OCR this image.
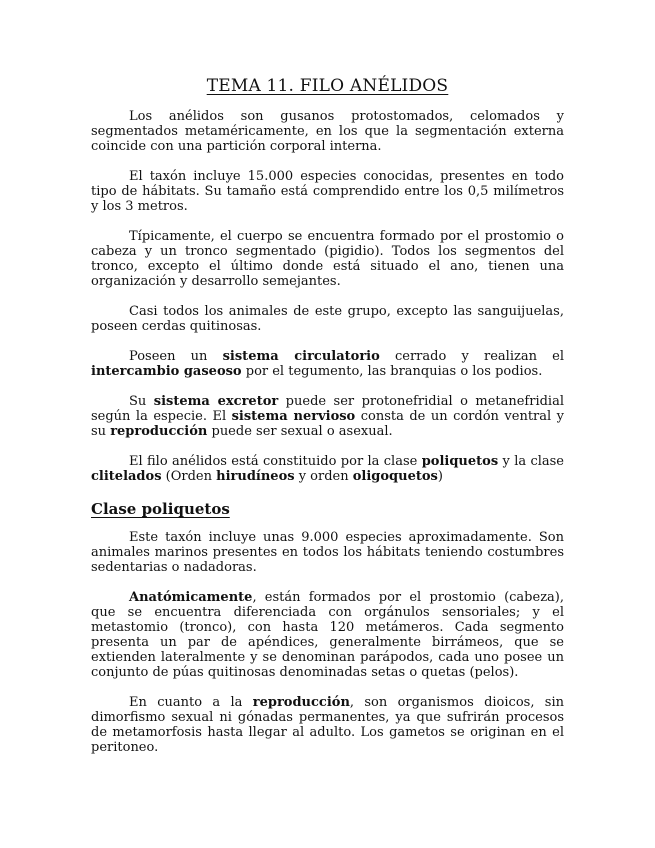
TEMA 11. FILO ANÉLIDOS

Los anélidos son gusanos protostomados, celomados y segmentados metaméricamente, en los que la segmentación externa coincide con una partición corporal interna.

El taxón incluye 15.000 especies conocidas, presentes en todo tipo de hábitats. Su tamaño está comprendido entre los 0,5 milímetros y los 3 metros.

Típicamente, el cuerpo se encuentra formado por el prostomio o cabeza y un tronco segmentado (pigidio). Todos los segmentos del tronco, excepto el último donde está situado el ano, tienen una organización y desarrollo semejantes.

Casi todos los animales de este grupo, excepto las sanguijuelas, poseen cerdas quitinosas.

Poseen un sistema circulatorio cerrado y realizan el intercambio gaseoso por el tegumento, las branquias o los podios.

Su sistema excretor puede ser protonefridial o metanefridial según la especie. El sistema nervioso consta de un cordón ventral y su reproducción puede ser sexual o asexual.

El filo anélidos está constituido por la clase poliquetos y la clase clitelados (Orden hirudíneos y orden oligoquetos)

Clase poliquetos

Este taxón incluye unas 9.000 especies aproximadamente. Son animales marinos presentes en todos los hábitats teniendo costumbres sedentarias o nadadoras.

Anatómicamente, están formados por el prostomio (cabeza), que se encuentra diferenciada con orgánulos sensoriales; y el metastomio (tronco), con hasta 120 metámeros. Cada segmento presenta un par de apéndices, generalmente birrámeos, que se extienden lateralmente y se denominan parápodos, cada uno posee un conjunto de púas quitinosas denominadas setas o quetas (pelos).

En cuanto a la reproducción, son organismos dioicos, sin dimorfismo sexual ni gónadas permanentes, ya que sufrirán procesos de metamorfosis hasta llegar al adulto. Los gametos se originan en el peritoneo.
